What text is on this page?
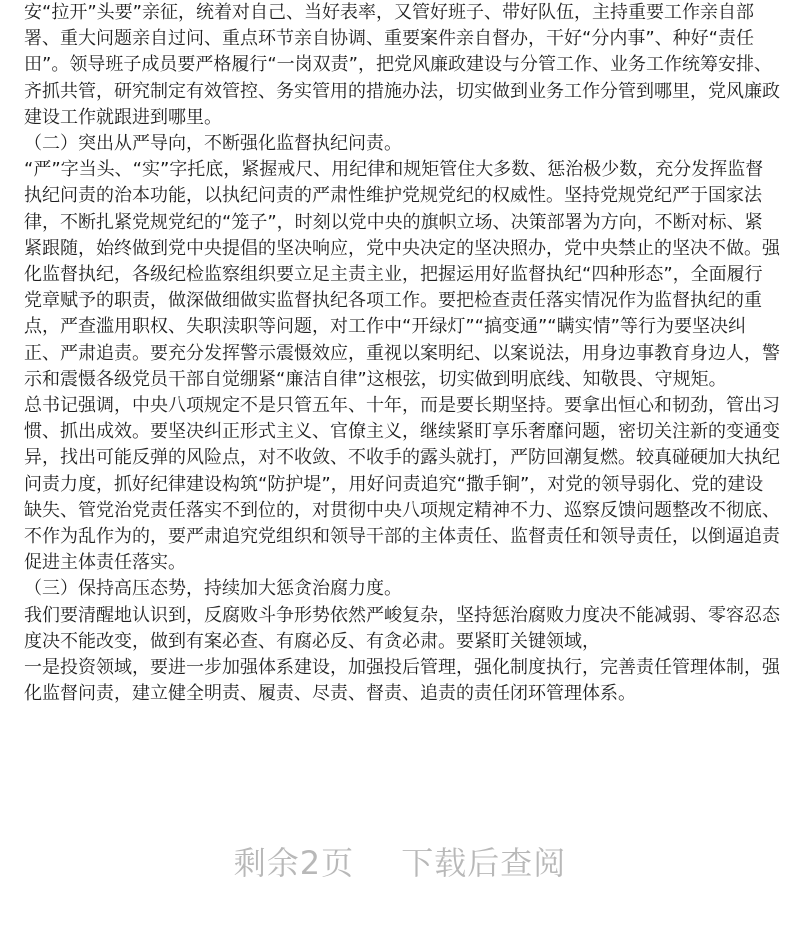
安“拉开”头要”亲征，统着对自己、当好表率，又管好班子、带好队伍，主持重要工作亲自部署、重大问题亲自过问、重点环节亲自协调、重要案件亲自督办，干好“分内事”、种好“责任田”。领导班子成员要严格履行“一岗双责”，把党风廉政建设与分管工作、业务工作统筹安排、齐抓共管，研究制定有效管控、务实管用的措施办法，切实做到业务工作分管到哪里，党风廉政建设工作就跟进到哪里。

（二）突出从严导向，不断强化监督执纪问责。

“严”字当头、“实”字托底，紧握戒尺、用纪律和规矩管住大多数、惩治极少数，充分发挥监督执纪问责的治本功能，以执纪问责的严肃性维护党规党纪的权威性。坚持党规党纪严于国家法律，不断扎紧党规党纪的“笼子”，时刻以党中央的旗帜立场、决策部署为方向，不断对标、紧紧跟随，始终做到党中央提倡的坚决响应，党中央决定的坚决照办，党中央禁止的坚决不做。强化监督执纪，各级纪检监察组织要立足主责主业，把握运用好监督执纪“四种形态”，全面履行党章赋予的职责，做深做细做实监督执纪各项工作。要把检查责任落实情况作为监督执纪的重点，严查滥用职权、失职渎职等问题，对工作中“开绿灯”“搞变通”“瞒实情”等行为要坚决纠正、严肃追责。要充分发挥警示震慑效应，重视以案明纪、以案说法，用身边事教育身边人，警示和震慑各级党员干部自觉绷紧“廉洁自律”这根弦，切实做到明底线、知敬畏、守规矩。

总书记强调，中央八项规定不是只管五年、十年，而是要长期坚持。要拿出恒心和韧劲，管出习惯、抓出成效。要坚决纠正形式主义、官僚主义，继续紧盯享乐奢靡问题，密切关注新的变通变异，找出可能反弹的风险点，对不收敛、不收手的露头就打，严防回潮复燃。较真碰硬加大执纪问责力度，抓好纪律建设构筑“防护堤”，用好问责追究“撒手锏”，对党的领导弱化、党的建设缺失、管党治党责任落实不到位的，对贯彻中央八项规定精神不力、巡察反馈问题整改不彻底、不作为乱作为的，要严肃追究党组织和领导干部的主体责任、监督责任和领导责任，以倒逼追责促进主体责任落实。

（三）保持高压态势，持续加大惩贪治腐力度。

我们要清醒地认识到，反腐败斗争形势依然严峻复杂，坚持惩治腐败力度决不能减弱、零容忍态度决不能改变，做到有案必查、有腐必反、有贪必肃。要紧盯关键领域，

一是投资领域，要进一步加强体系建设，加强投后管理，强化制度执行，完善责任管理体制，强化监督问责，建立健全明责、履责、尽责、督责、追责的责任闭环管理体系。

剩余2页 下载后查阅
